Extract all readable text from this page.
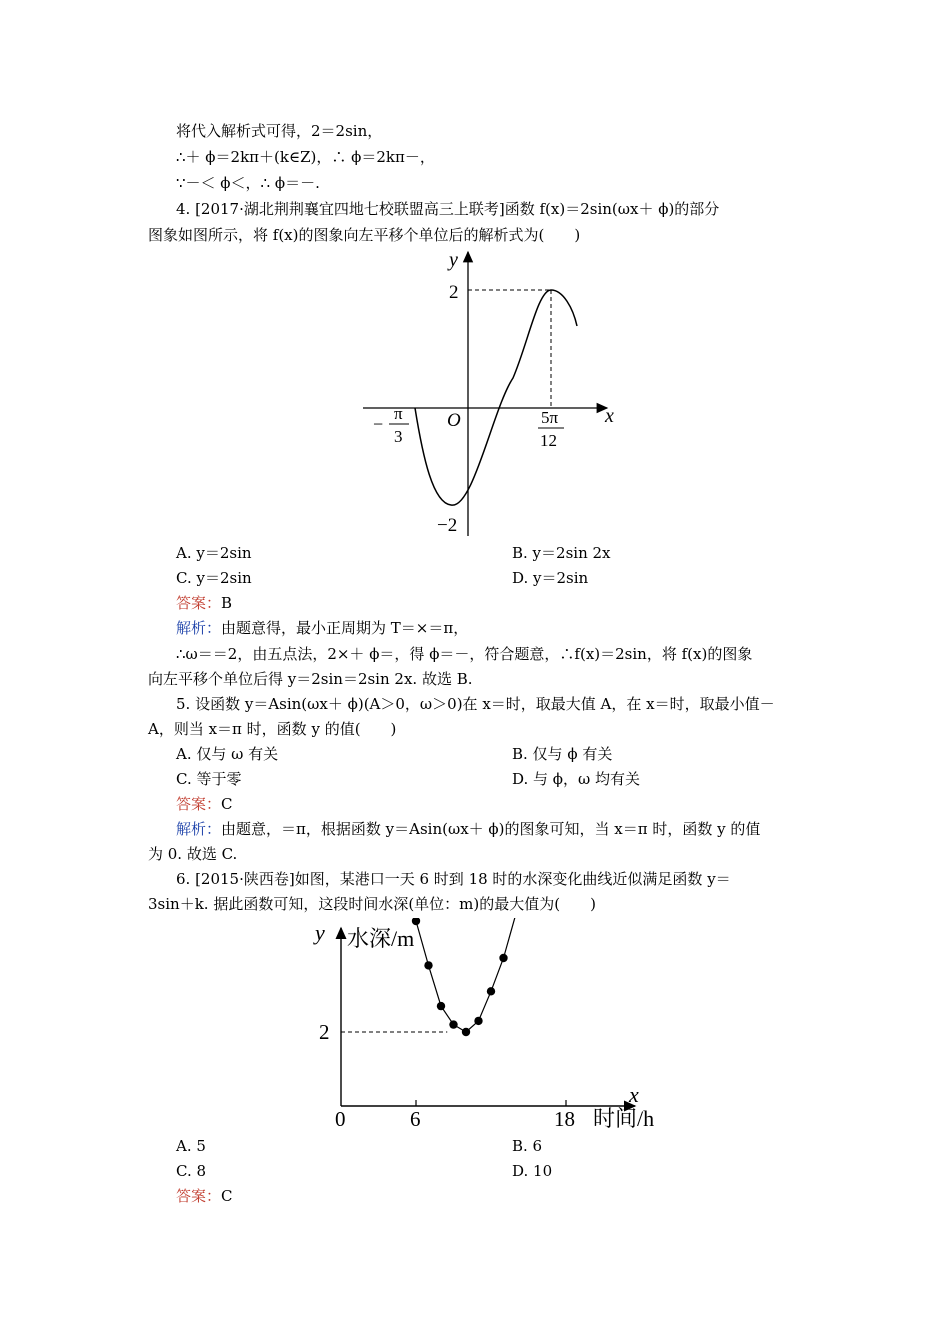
将代入解析式可得，2＝2sin，
∴＋ ϕ＝2kπ＋(k∈Z)，∴ ϕ＝2kπ－，
∵－＜ ϕ＜，∴ ϕ＝－.
4. [2017·湖北荆荆襄宜四地七校联盟高三上联考]函数 f(x)＝2sin(ωx＋ ϕ)的部分
图象如图所示，将 f(x)的图象向左平移个单位后的解析式为(　　)
y
x
O
2
−2
−
π
3
5π
12
A. y＝2sin	B. y＝2sin 2x
C. y＝2sin	D. y＝2sin
答案：B
解析：由题意得，最小正周期为 T＝×＝π，
∴ω＝＝2，由五点法，2×＋ ϕ＝，得 ϕ＝－，符合题意，∴f(x)＝2sin，将 f(x)的图象
向左平移个单位后得 y＝2sin＝2sin 2x. 故选 B.
5. 设函数 y＝Asin(ωx＋ ϕ)(A＞0，ω＞0)在 x＝时，取最大值 A，在 x＝时，取最小值－
A，则当 x＝π 时，函数 y 的值(　　)
A. 仅与 ω 有关	B. 仅与 ϕ 有关
C. 等于零	D. 与 ϕ，ω 均有关
答案：C
解析：由题意，＝π，根据函数 y＝Asin(ωx＋ ϕ)的图象可知，当 x＝π 时，函数 y 的值
为 0. 故选 C.
6. [2015·陕西卷]如图，某港口一天 6 时到 18 时的水深变化曲线近似满足函数 y＝
3sin＋k. 据此函数可知，这段时间水深(单位：m)的最大值为(　　)
y 水深/m
x
时间/h
0	6	18
2
A. 5	B. 6
C. 8	D. 10
答案：C
